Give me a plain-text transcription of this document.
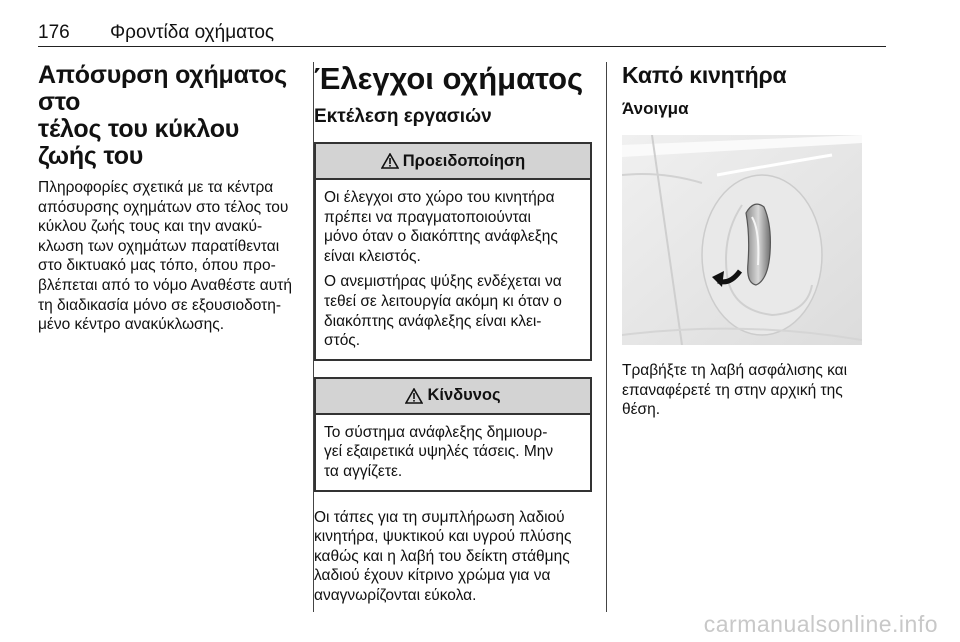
176 Φροντίδα οχήματος
Απόσυρση οχήματος στο
τέλος του κύκλου ζωής του

Πληροφορίες σχετικά με τα κέντρα
απόσυρσης οχημάτων στο τέλος του
κύκλου ζωής τους και την ανακύ-
κλωση των οχημάτων παρατίθενται
στο δικτυακό μας τόπο, όπου προ-
βλέπεται από το νόμο Αναθέστε αυτή
τη διαδικασία μόνο σε εξουσιοδοτη-
μένο κέντρο ανακύκλωσης.

Έλεγχοι οχήματος
Εκτέλεση εργασιών
Προειδοποίηση

Οι έλεγχοι στο χώρο του κινητήρα
πρέπει να πραγματοποιούνται
μόνο όταν ο διακόπτης ανάφλεξης
είναι κλειστός.

Ο ανεμιστήρας ψύξης ενδέχεται να
τεθεί σε λειτουργία ακόμη κι όταν ο
διακόπτης ανάφλεξης είναι κλει-
στός.

Κίνδυνος

Το σύστημα ανάφλεξης δημιουρ-
γεί εξαιρετικά υψηλές τάσεις. Μην
τα αγγίζετε.

Οι τάπες για τη συμπλήρωση λαδιού
κινητήρα, ψυκτικού και υγρού πλύσης
καθώς και η λαβή του δείκτη στάθμης
λαδιού έχουν κίτρινο χρώμα για να
αναγνωρίζονται εύκολα.

Καπό κινητήρα
Άνοιγμα

Τραβήξτε τη λαβή ασφάλισης και
επαναφέρετέ τη στην αρχική της
θέση.

carmanualsonline.info
